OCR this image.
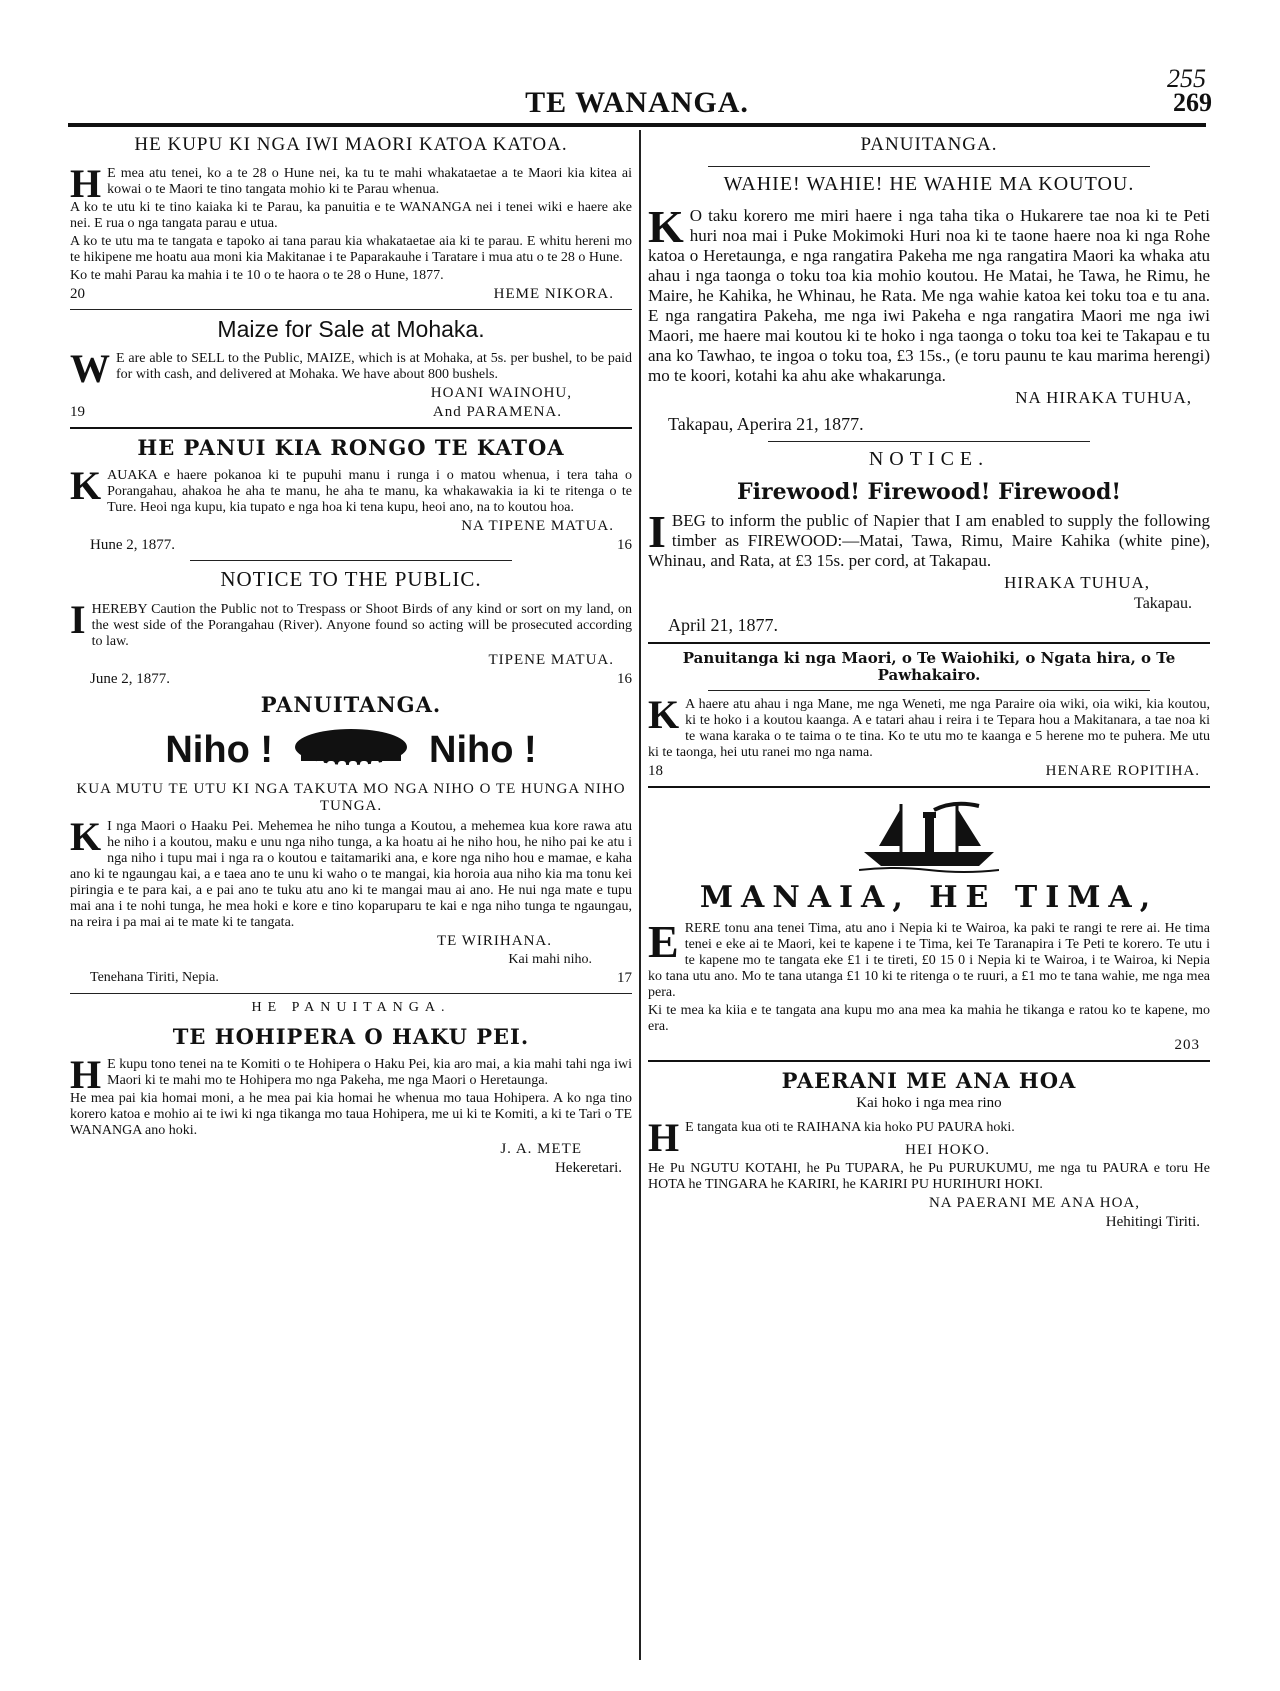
TE WANANGA.
255
269
HE KUPU KI NGA IWI MAORI KATOA KATOA.

H E mea atu tenei, ko a te 28 o Hune nei, ka tu te mahi whakataetae a te Maori kia kitea ai kowai o te Maori te tino tangata mohio ki te Parau whenua.

A ko te utu ki te tino kaiaka ki te Parau, ka panuitia e te WANANGA nei i tenei wiki e haere ake nei. E rua o nga tangata parau e utua.

A ko te utu ma te tangata e tapoko ai tana parau kia whakataetae aia ki te parau. E whitu hereni mo te hikipene me hoatu aua moni kia Makitanae i te Paparakauhe i Taratare i mua atu o te 28 o Hune.

Ko te mahi Parau ka mahia i te 10 o te haora o te 28 o Hune, 1877.

20	HEME NIKORA.
Maize for Sale at Mohaka.

W E are able to SELL to the Public, MAIZE, which is at Mohaka, at 5s. per bushel, to be paid for with cash, and delivered at Mohaka. We have about 800 bushels.

HOANI WAINOHU,
19	And PARAMENA.
HE PANUI KIA RONGO TE KATOA

KAUAKA e haere pokanoa ki te pupuhi manu i runga i o matou whenua, i tera taha o Porangahau, ahakoa he aha te manu, he aha te manu, ka whakawakia ia ki te ritenga o te Ture. Heoi nga kupu, kia tupato e nga hoa ki tena kupu, heoi ano, na to koutou hoa.

NA TIPENE MATUA.
Hune 2, 1877.	16
NOTICE TO THE PUBLIC.

IHEREBY Caution the Public not to Trespass or Shoot Birds of any kind or sort on my land, on the west side of the Porangahau (River). Anyone found so acting will be prosecuted according to law.

TIPENE MATUA.
June 2, 1877.	16
PANUITANGA.
Niho !	Niho !
KUA MUTU TE UTU KI NGA TAKUTA MO NGA NIHO O TE HUNGA NIHO TUNGA.

K I nga Maori o Haaku Pei. Mehemea he niho tunga a Koutou, a mehemea kua kore rawa atu he niho i a koutou, maku e unu nga niho tunga, a ka hoatu ai he niho hou, he niho pai ke atu i nga niho i tupu mai i nga ra o koutou e taitamariki ana, e kore nga niho hou e mamae, e kaha ano ki te ngaungau kai, a e taea ano te unu ki waho o te mangai, kia horoia aua niho kia ma tonu kei piringia e te para kai, a e pai ano te tuku atu ano ki te mangai mau ai ano. He nui nga mate e tupu mai ana i te nohi tunga, he mea hoki e kore e tino koparuparu te kai e nga niho tunga te ngaungau, na reira i pa mai ai te mate ki te tangata.

TE WIRIHANA.
Kai mahi niho.
Tenehana Tiriti, Nepia.	17
HE PANUITANGA.
TE HOHIPERA O HAKU PEI.

H E kupu tono tenei na te Komiti o te Hohipera o Haku Pei, kia aro mai, a kia mahi tahi nga iwi Maori ki te mahi mo te Hohipera mo nga Pakeha, me nga Maori o Heretaunga.

He mea pai kia homai moni, a he mea pai kia homai he whenua mo taua Hohipera. A ko nga tino korero katoa e mohio ai te iwi ki nga tikanga mo taua Hohipera, me ui ki te Komiti, a ki te Tari o TE WANANGA ano hoki.

J. A. METE
Hekeretari.
PANUITANGA.
WAHIE! WAHIE! HE WAHIE MA KOUTOU.

K O taku korero me miri haere i nga taha tika o Hukarere tae noa ki te Peti huri noa mai i Puke Mokimoki Huri noa ki te taone haere noa ki nga Rohe katoa o Heretaunga, e nga rangatira Pakeha me nga rangatira Maori ka whaka atu ahau i nga taonga o toku toa kia mohio koutou. He Matai, he Tawa, he Rimu, he Maire, he Kahika, he Whinau, he Rata. Me nga wahie katoa kei toku toa e tu ana. E nga rangatira Pakeha, me nga iwi Pakeha e nga rangatira Maori me nga iwi Maori, me haere mai koutou ki te hoko i nga taonga o toku toa kei te Takapau e tu ana ko Tawhao, te ingoa o toku toa, £3 15s., (e toru paunu te kau marima herengi) mo te koori, kotahi ka ahu ake whakarunga.

NA HIRAKA TUHUA,
Takapau, Aperira 21, 1877.
NOTICE.
Firewood! Firewood! Firewood!

IBEG to inform the public of Napier that I am enabled to supply the following timber as FIREWOOD:—Matai, Tawa, Rimu, Maire Kahika (white pine), Whinau, and Rata, at £3 15s. per cord, at Takapau.

HIRAKA TUHUA,
Takapau.
April 21, 1877.
Panuitanga ki nga Maori, o Te Waiohiki, o Ngata hira, o Te Pawhakairo.

K A haere atu ahau i nga Mane, me nga Weneti, me nga Paraire oia wiki, oia wiki, kia koutou, ki te hoko i a koutou kaanga. A e tatari ahau i reira i te Tepara hou a Makitanara, a tae noa ki te wana karaka o te taima o te tina. Ko te utu mo te kaanga e 5 herene mo te puhera. Me utu ki te taonga, hei utu ranei mo nga nama.

18	HENARE ROPITIHA.
MANAIA, HE TIMA,

ERERE tonu ana tenei Tima, atu ano i Nepia ki te Wairoa, ka paki te rangi te rere ai. He tima tenei e eke ai te Maori, kei te kapene i te Tima, kei Te Taranapira i Te Peti te korero. Te utu i te kapene mo te tangata eke £1 i te tireti, £0 15 0 i Nepia ki te Wairoa, i te Wairoa, ki Nepia ko tana utu ano. Mo te tana utanga £1 10 ki te ritenga o te ruuri, a £1 mo te tana wahie, me nga mea pera.

Ki te mea ka kiia e te tangata ana kupu mo ana mea ka mahia he tikanga e ratou ko te kapene, mo era.

203
PAERANI ME ANA HOA
Kai hoko i nga mea rino

H E tangata kua oti te RAIHANA kia hoko PU PAURA hoki.

HEI HOKO.

He Pu NGUTU KOTAHI, he Pu TUPARA, he Pu PURUKUMU, me nga tu PAURA e toru He HOTA he TINGARA he KARIRI, he KARIRI PU HURIHURI HOKI.

NA PAERANI ME ANA HOA,
Hehitingi Tiriti.
